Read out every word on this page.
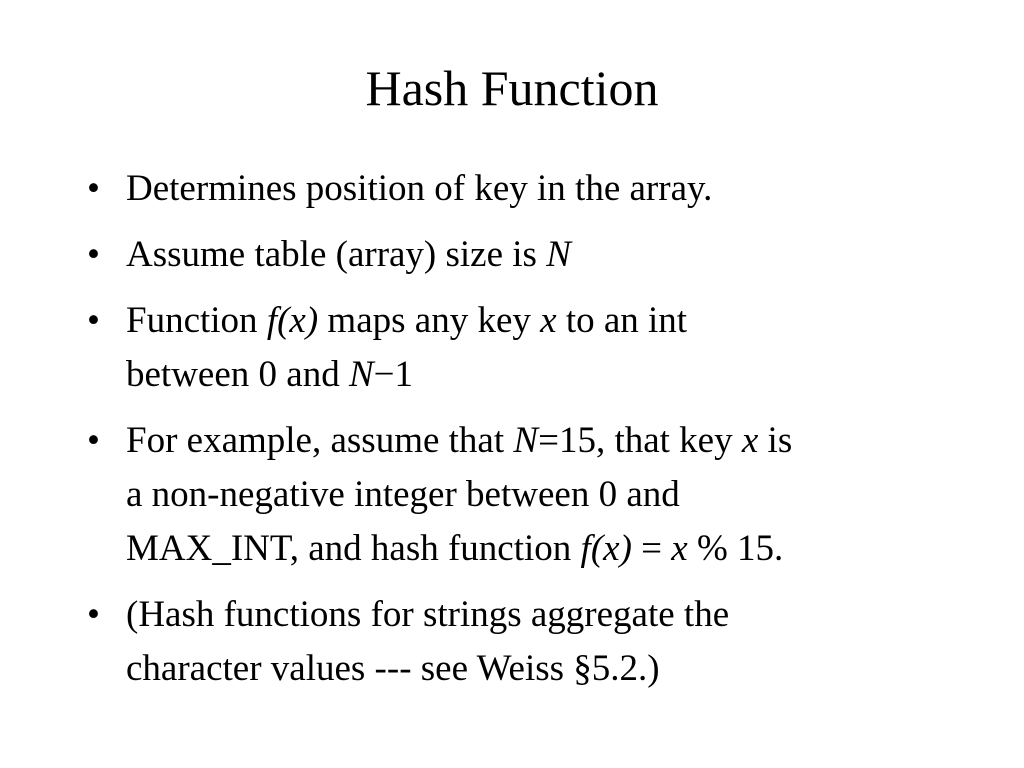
Hash Function
• Determines position of key in the array.
• Assume table (array) size is N
• Function f(x) maps any key x to an int
between 0 and N−1
• For example, assume that N=15, that key x is
a non-negative integer between 0 and
MAX_INT, and hash function f(x) = x % 15.
• (Hash functions for strings aggregate the
character values --- see Weiss §5.2.)
